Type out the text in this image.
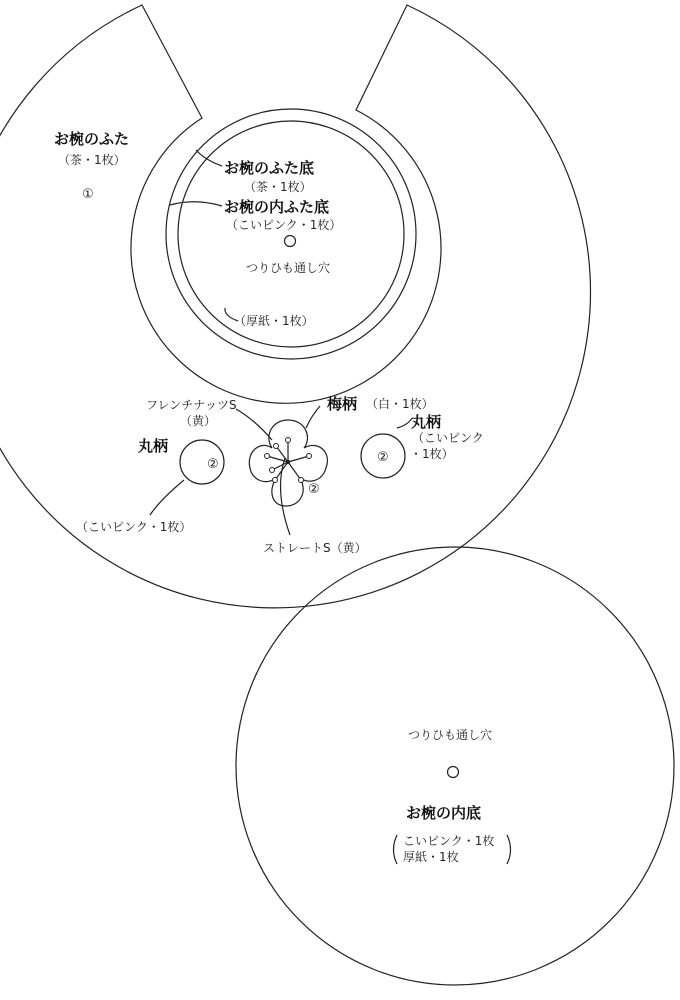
お椀のふた
（茶・1枚）
①
お椀のふた底
（茶・1枚）
お椀の内ふた底
（こいピンク・1枚）
つりひも通し穴
（厚紙・1枚）
フレンチナッツS
（黄）
梅柄 （白・1枚）
②
丸柄
②
（こいピンク・1枚）
丸柄
（こいピンク
・1枚）
②
ストレートS（黄）
つりひも通し穴
お椀の内底
こいピンク・1枚
厚紙・1枚
